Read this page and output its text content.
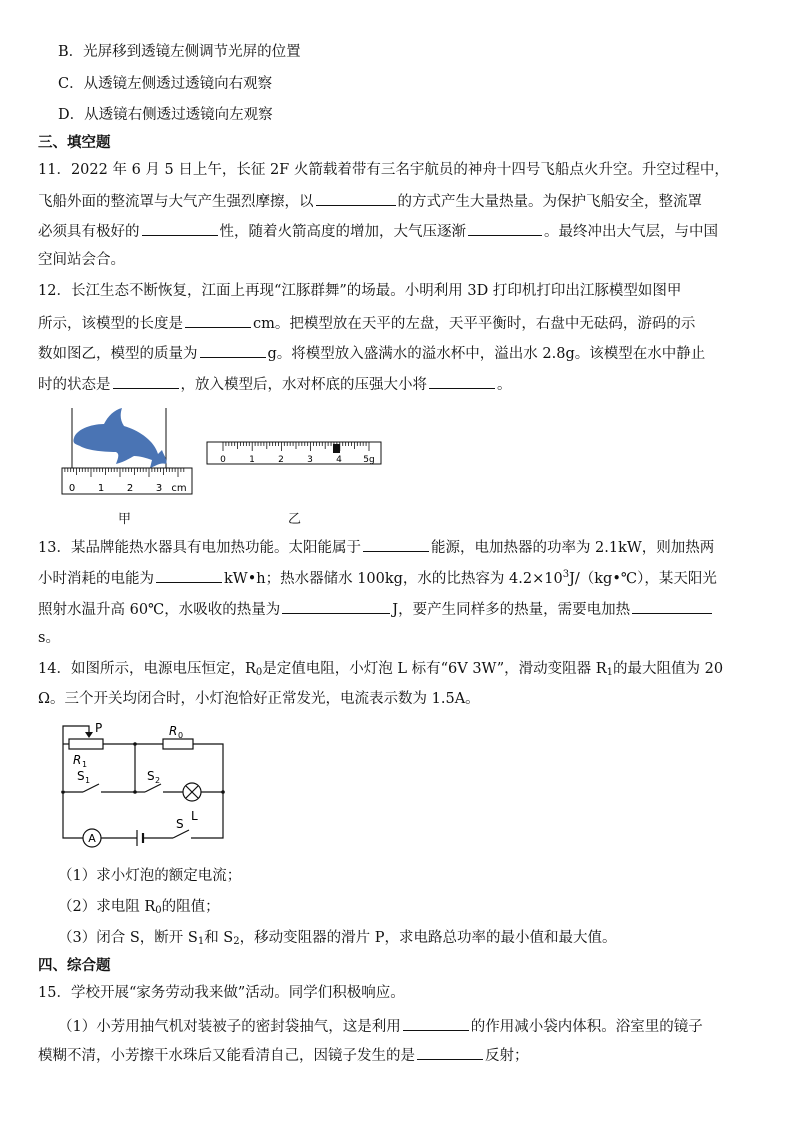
B．光屏移到透镜左侧调节光屏的位置
C．从透镜左侧透过透镜向右观察
D．从透镜右侧透过透镜向左观察
三、填空题
11．2022 年 6 月 5 日上午，长征 2F 火箭载着带有三名宇航员的神舟十四号飞船点火升空。升空过程中，
飞船外面的整流罩与大气产生强烈摩擦，以	的方式产生大量热量。为保护飞船安全，整流罩
必须具有极好的	性，随着火箭高度的增加，大气压逐渐	。最终冲出大气层，与中国
空间站会合。
12．长江生态不断恢复，江面上再现“江豚群舞”的场最。小明利用 3D 打印机打印出江豚模型如图甲
所示，该模型的长度是	cm。把模型放在天平的左盘，天平平衡时，右盘中无砝码，游码的示
数如图乙，模型的质量为	g。将模型放入盛满水的溢水杯中，溢出水 2.8g。该模型在水中静止
时的状态是	，放入模型后，水对杯底的压强大小将	。
0 1 2 3 cm
甲
0	1	2	3	4 5g
乙
13．某品牌能热水器具有电加热功能。太阳能属于	能源，电加热器的功率为 2.1kW，则加热两
小时消耗的电能为	kW•h；热水器储水 100kg，水的比热容为 $4.2\times 10^3J/(kg•℃)$，某天阳光
照射水温升高 60℃，水吸收的热量为	J，要产生同样多的热量，需要电加热
s。
14．如图所示，电源电压恒定，$R_0$是定值电阻，小灯泡 L 标有“6V 3W”，滑动变阻器 $R_1$的最大阻值为 20
Ω。三个开关均闭合时，小灯泡恰好正常发光，电流表示数为 1.5A。
P
R 1
R 0
S 1	S 2
S
L
A
（1）求小灯泡的额定电流；
（2）求电阻 $R_0$的阻值；
（3）闭合 S，断开 $S_1$和 $S_2$，移动变阻器的滑片 P，求电路总功率的最小值和最大值。
四、综合题
15．学校开展“家务劳动我来做”活动。同学们积极响应。
（1）小芳用抽气机对装被子的密封袋抽气，这是利用	的作用减小袋内体积。浴室里的镜子
模糊不清，小芳擦干水珠后又能看清自己，因镜子发生的是	反射；
